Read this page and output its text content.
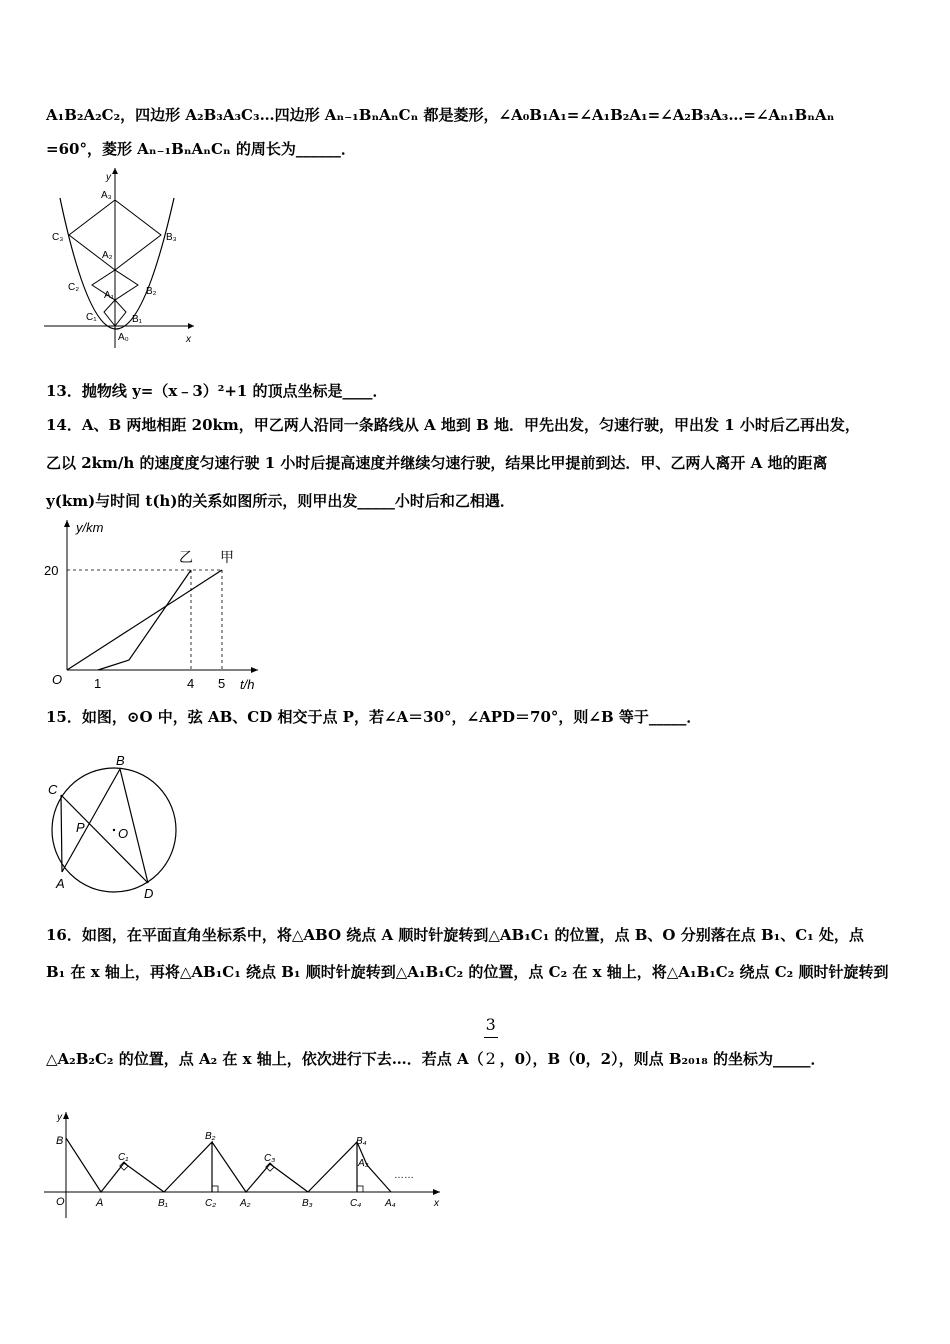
A₁B₂A₂C₂，四边形 A₂B₃A₃C₃…四边形 Aₙ₋₁BₙAₙCₙ 都是菱形，∠A₀B₁A₁=∠A₁B₂A₁=∠A₂B₃A₃…=∠Aₙ₁BₙAₙ
=60°，菱形 Aₙ₋₁BₙAₙCₙ 的周长为______．
y
x
A₃
C₃	B₃
A₂
C₂	B₂
A₁
C₁	B₁
A₀
13．抛物线 y=（x﹣3）²+1 的顶点坐标是____．
14．A、B 两地相距 20km，甲乙两人沿同一条路线从 A 地到 B 地．甲先出发，匀速行驶，甲出发 1 小时后乙再出发，
乙以 2km/h 的速度度匀速行驶 1 小时后提高速度并继续匀速行驶，结果比甲提前到达．甲、乙两人离开 A 地的距离
y(km)与时间 t(h)的关系如图所示，则甲出发_____小时后和乙相遇．
y/km
t/h
O
20
1	4 5
甲
乙
15．如图，⊙O 中，弦 AB、CD 相交于点 P，若∠A＝30°，∠APD＝70°，则∠B 等于_____．
B
C
P	O
A
D
16．如图，在平面直角坐标系中，将△ABO 绕点 A 顺时针旋转到△AB₁C₁ 的位置，点 B、O 分别落在点 B₁、C₁ 处，点
B₁ 在 x 轴上，再将△AB₁C₁ 绕点 B₁ 顺时针旋转到△A₁B₁C₂ 的位置，点 C₂ 在 x 轴上，将△A₁B₁C₂ 绕点 C₂ 顺时针旋转到
△A₂B₂C₂ 的位置，点 A₂ 在 x 轴上，依次进行下去…．若点 $A( \frac{3}{2}$，0），B（0，2），则点 B₂₀₁₈ 的坐标为_____．
y
B
O	A
C₁
B₁
B₂
C₂ A₂
C₃
B₃
B₄
A₃
C₄ A₄	x
……
